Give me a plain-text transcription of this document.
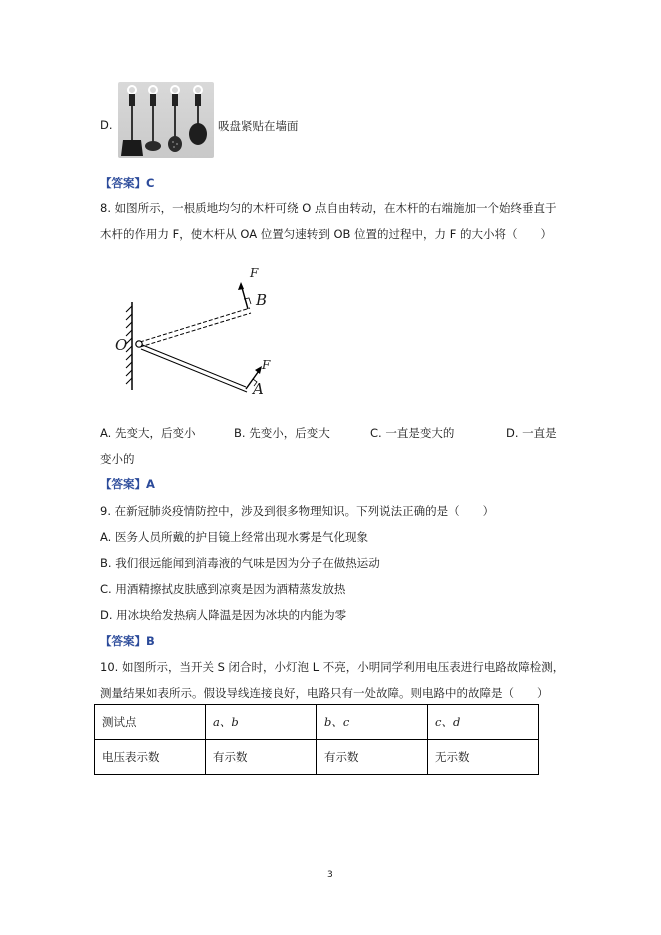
D.	吸盘紧贴在墙面
【答案】C
8. 如图所示，一根质地均匀的木杆可绕 O 点自由转动，在木杆的右端施加一个始终垂直于
木杆的作用力 F，使木杆从 OA 位置匀速转到 OB 位置的过程中，力 F 的大小将（　　）
O
B
A
F
F
A. 先变大，后变小	B. 先变小，后变大	C. 一直是变大的	D. 一直是
变小的
【答案】A
9. 在新冠肺炎疫情防控中，涉及到很多物理知识。下列说法正确的是（　　）
A. 医务人员所戴的护目镜上经常出现水雾是气化现象
B. 我们很远能闻到消毒液的气味是因为分子在做热运动
C. 用酒精擦拭皮肤感到凉爽是因为酒精蒸发放热
D. 用冰块给发热病人降温是因为冰块的内能为零
【答案】B
10. 如图所示，当开关 S 闭合时，小灯泡 L 不亮，小明同学利用电压表进行电路故障检测，
测量结果如表所示。假设导线连接良好，电路只有一处故障。则电路中的故障是（　　）
测试点	a、b	b、c	c、d
电压表示数	有示数	有示数	无示数
3
